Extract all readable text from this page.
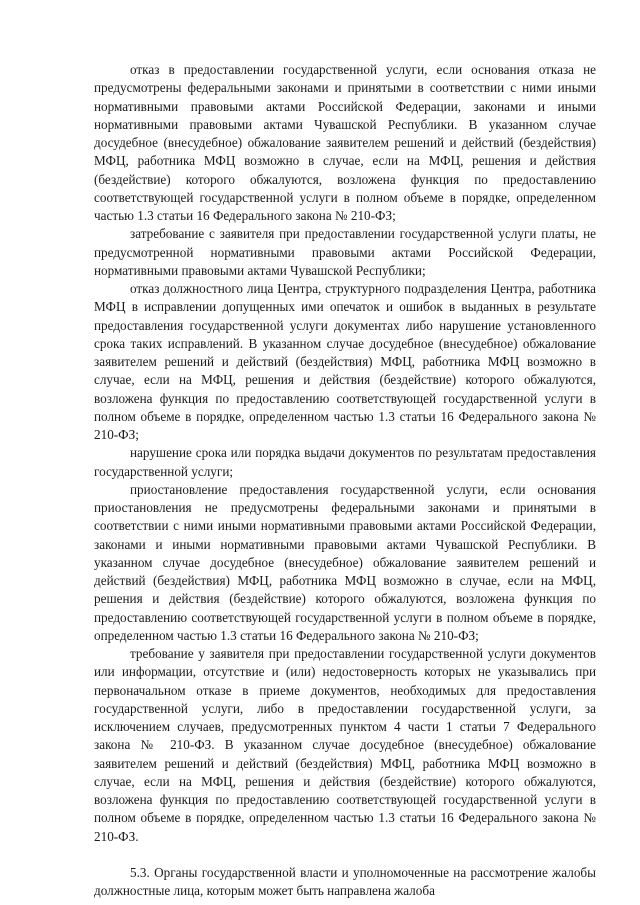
отказ в предоставлении государственной услуги, если основания отказа не предусмотрены федеральными законами и принятыми в соответствии с ними иными нормативными правовыми актами Российской Федерации, законами и иными нормативными правовыми актами Чувашской Республики. В указанном случае досудебное (внесудебное) обжалование заявителем решений и действий (бездействия) МФЦ, работника МФЦ возможно в случае, если на МФЦ, решения и действия (бездействие) которого обжалуются, возложена функция по предоставлению соответствующей государственной услуги в полном объеме в порядке, определенном частью 1.3 статьи 16 Федерального закона № 210-ФЗ;

затребование с заявителя при предоставлении государственной услуги платы, не предусмотренной нормативными правовыми актами Российской Федерации, нормативными правовыми актами Чувашской Республики;

отказ должностного лица Центра, структурного подразделения Центра, работника МФЦ в исправлении допущенных ими опечаток и ошибок в выданных в результате предоставления государственной услуги документах либо нарушение установленного срока таких исправлений. В указанном случае досудебное (внесудебное) обжалование заявителем решений и действий (бездействия) МФЦ, работника МФЦ возможно в случае, если на МФЦ, решения и действия (бездействие) которого обжалуются, возложена функция по предоставлению соответствующей государственной услуги в полном объеме в порядке, определенном частью 1.3 статьи 16 Федерального закона № 210-ФЗ;

нарушение срока или порядка выдачи документов по результатам предоставления государственной услуги;

приостановление предоставления государственной услуги, если основания приостановления не предусмотрены федеральными законами и принятыми в соответствии с ними иными нормативными правовыми актами Российской Федерации, законами и иными нормативными правовыми актами Чувашской Республики. В указанном случае досудебное (внесудебное) обжалование заявителем решений и действий (бездействия) МФЦ, работника МФЦ возможно в случае, если на МФЦ, решения и действия (бездействие) которого обжалуются, возложена функция по предоставлению соответствующей государственной услуги в полном объеме в порядке, определенном частью 1.3 статьи 16 Федерального закона № 210-ФЗ;

требование у заявителя при предоставлении государственной услуги документов или информации, отсутствие и (или) недостоверность которых не указывались при первоначальном отказе в приеме документов, необходимых для предоставления государственной услуги, либо в предоставлении государственной услуги, за исключением случаев, предусмотренных пунктом 4 части 1 статьи 7 Федерального закона № 210-ФЗ. В указанном случае досудебное (внесудебное) обжалование заявителем решений и действий (бездействия) МФЦ, работника МФЦ возможно в случае, если на МФЦ, решения и действия (бездействие) которого обжалуются, возложена функция по предоставлению соответствующей государственной услуги в полном объеме в порядке, определенном частью 1.3 статьи 16 Федерального закона № 210-ФЗ.

5.3. Органы государственной власти и уполномоченные на рассмотрение жалобы должностные лица, которым может быть направлена жалоба
